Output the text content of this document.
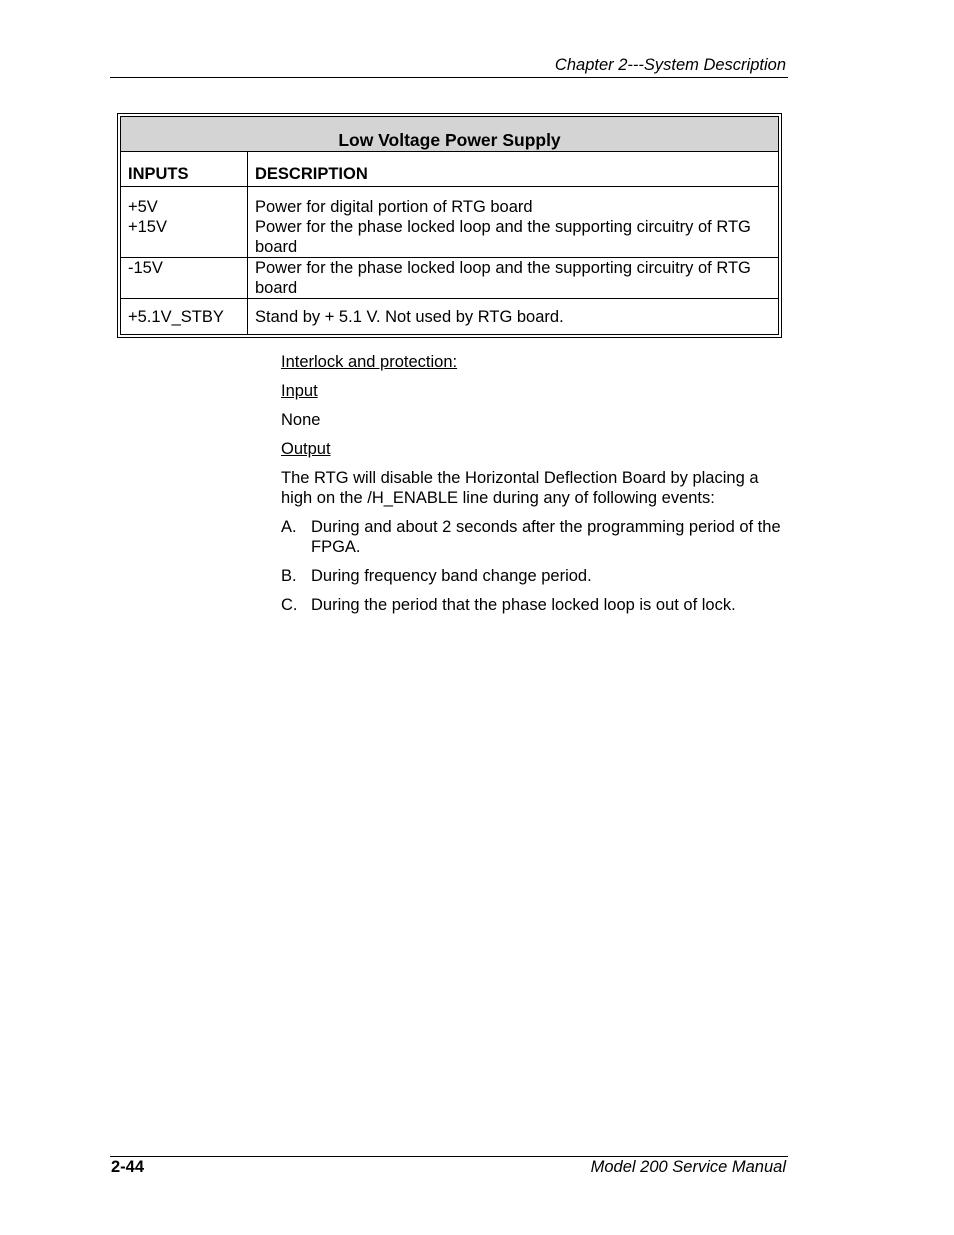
Chapter 2---System Description
Low Voltage Power Supply	
INPUTS	DESCRIPTION
+5V	Power for digital portion of RTG board
+15V	Power for the phase locked loop and the supporting circuitry of RTG board
-15V	Power for the phase locked loop and the supporting circuitry of RTG board
+5.1V_STBY	Stand by + 5.1 V. Not used by RTG board.

Interlock and protection:

Input

None

Output

The RTG will disable the Horizontal Deflection Board by placing a high on the /H_ENABLE line during any of following events:

A. During and about 2 seconds after the programming period of the FPGA.
B. During frequency band change period.
C. During the period that the phase locked loop is out of lock.
2-44	Model 200 Service Manual
